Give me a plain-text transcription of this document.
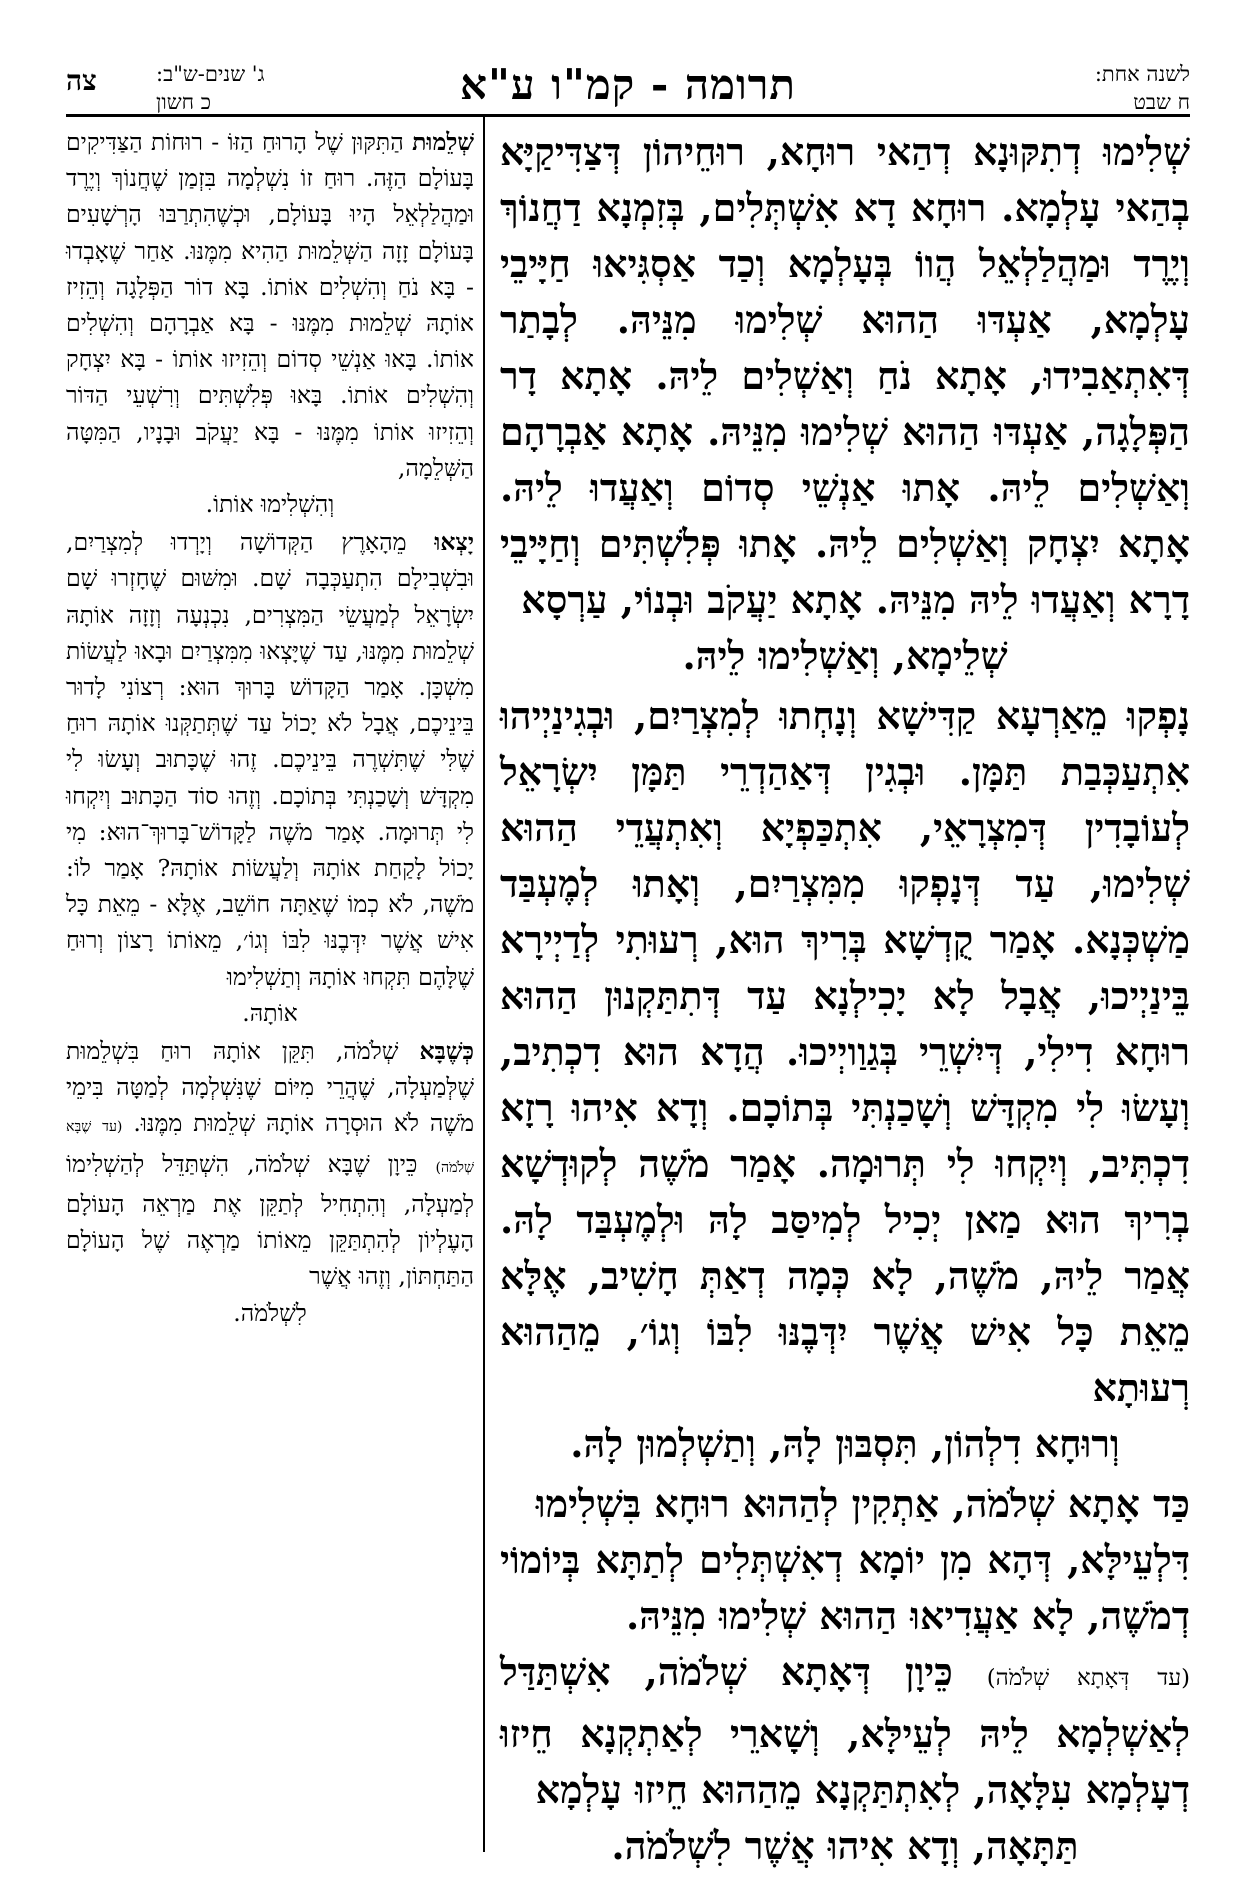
לשנה אחת:
ח שבט
תרומה - קמ"ו ע"א
ג' שנים-ש"ב:
כ חשון
צה

שְׁלִימוּ דְתִקּוּנָא דְהַאי רוּחָא, רוּחֵיהוֹן דְּצַדִּיקַיָּא בְהַאי עָלְמָא. רוּחָא דָא אִשְׁתְּלִים, בְּזִמְנָא דַחֲנוֹךְ וְיֶרֶד וּמַהֲלַלְאֵל הֲווֹ בְּעָלְמָא וְכַד אַסְגִּיאוּ חַיָּיבֵי עָלְמָא, אַעְדּוּ הַהוּא שְׁלִימוּ מִנֵּיהּ. לְבָתַר דְּאִתְאַבִידוּ, אָתָא נֹחַ וְאַשְׁלִים לֵיהּ. אָתָא דָר הַפְּלָגָה, אַעְדּוּ הַהוּא שְׁלִימוּ מִנֵּיהּ. אָתָא אַבְרָהָם וְאַשְׁלִים לֵיהּ. אָתוּ אַנְשֵׁי סְדוֹם וְאַעֲדוּ לֵיהּ. אָתָא יִצְחָק וְאַשְׁלִים לֵיהּ. אָתוּ פְּלִשְׁתִּים וְחַיָּיבֵי דָרָא וְאַעֲדוּ לֵיהּ מִנֵּיהּ. אָתָא יַעֲקֹב וּבְנוֹי, עַרְסָא
שְׁלֵימָא, וְאַשְׁלִימוּ לֵיהּ.

נָפְקוּ מֵאַרְעָא קַדִּישָׁא וְנָחְתוּ לְמִצְרַיִם, וּבְגִינַיְיהוּ אִתְעַכְּבַת תַּמָּן. וּבְגִין דְּאַהַדְרֵי תַּמָּן יִשְׂרָאֵל לְעוֹבָדִין דְּמִצְרָאֵי, אִתְכַּפְיָא וְאִתְעֲדֵי הַהוּא שְׁלִימוּ, עַד דְּנָפְקוּ מִמִּצְרַיִם, וְאָתוּ לְמֶעְבַּד מַשְׁכְּנָא. אָמַר קֻדְשָׁא בְּרִיךְ הוּא, רְעוּתִי לְדַיְירָא בֵּינַיְיכוּ, אֲבָל לָא יָכִילְנָא עַד דְּתִתַּקְנוּן הַהוּא רוּחָא דִילִי, דְּיִשְׁרֵי בְּגַוַויְיכוּ. הֲדָא הוּא דִכְתִיב, וְעָשׂוּ לִי מִקְדָּשׁ וְשָׁכַנְתִּי בְּתוֹכָם. וְדָא אִיהוּ רָזָא דִכְתִּיב, וְיִקְחוּ לִי תְּרוּמָה. אָמַר מֹשֶׁה לְקוּדְשָׁא בְרִיךְ הוּא מַאן יְכִיל לְמִיסַּב לָהּ וּלְמֶעְבַּד לָהּ. אֲמַר לֵיהּ, מֹשֶׁה, לָא כְּמָה דְאַתְּ חָשִׁיב, אֶלָּא מֵאֵת כָּל אִישׁ אֲשֶׁר יִדְּבֶנּוּ לִבּוֹ וְגוֹ׳, מֵהַהוּא רְעוּתָא
וְרוּחָא דִלְהוֹן, תִּסְבּוּן לָהּ, וְתַשְׁלְמוּן לָהּ.

כַּד אָתָא שְׁלֹמֹה, אַתְקִין לְהַהוּא רוּחָא בִּשְׁלִימוּ
דִּלְעֵילָּא, דְּהָא מִן יוֹמָא דְאִשְׁתְּלִים לְתַתָּא בְּיוֹמוֹי דְמֹשֶׁה, לָא אַעֲדִיאוּ הַהוּא שְׁלִימוּ מִנֵּיהּ.
(עד דְּאָתָא שְׁלֹמֹה) כֵּיוָן דְּאָתָא שְׁלֹמֹה, אִשְׁתַּדַּל לְאַשְׁלְמָא לֵיהּ לְעֵילָּא, וְשָׁארֵי לְאַתְקְנָא חֵיזוּ דְעָלְמָא עִלָּאָה, לְאִתְתַּקְנָא מֵהַהוּא חֵיזוּ עָלְמָא
תַּתָּאָה, וְדָא אִיהוּ אֲשֶׁר לִשְׁלֹמֹה.

שְׁלֵמוּת הַתִּקּוּן שֶׁל הָרוּחַ הַזּוֹ - רוּחוֹת הַצַּדִּיקִים בָּעוֹלָם הַזֶּה. רוּחַ זוֹ נִשְׁלְמָה בִּזְמַן שֶׁחֲנוֹךְ וְיֶרֶד וּמַהֲלַלְאֵל הָיוּ בָּעוֹלָם, וּכְשֶׁהִתְרַבּוּ הָרְשָׁעִים בָּעוֹלָם זָזָה הַשְּׁלֵמוּת הַהִיא מִמֶּנּוּ. אַחַר שֶׁאָבְדוּ - בָּא נֹחַ וְהִשְׁלִים אוֹתוֹ. בָּא דוֹר הַפְּלָגָה וְהֵזִיז אוֹתָהּ שְׁלֵמוּת מִמֶּנּוּ - בָּא אַבְרָהָם וְהִשְׁלִים אוֹתוֹ. בָּאוּ אַנְשֵׁי סְדוֹם וְהֵזִיזוּ אוֹתוֹ - בָּא יִצְחָק וְהִשְׁלִים אוֹתוֹ. בָּאוּ פְּלִשְׁתִּים וְרִשְׁעֵי הַדּוֹר וְהֵזִיזוּ אוֹתוֹ מִמֶּנּוּ - בָּא יַעֲקֹב וּבָנָיו, הַמִּטָּה הַשְּׁלֵמָה,
וְהִשְׁלִימוּ אוֹתוֹ.

יָצְאוּ מֵהָאָרֶץ הַקְּדוֹשָׁה וְיָרְדוּ לְמִצְרַיִם, וּבִשְׁבִילָם הִתְעַכְּבָה שָׁם. וּמִשּׁוּם שֶׁחָזְרוּ שָׁם יִשְׂרָאֵל לְמַעֲשֵׂי הַמִּצְרִים, נִכְנְעָה וְזָזָה אוֹתָהּ שְׁלֵמוּת מִמֶּנּוּ, עַד שֶׁיָּצְאוּ מִמִּצְרַיִם וּבָאוּ לַעֲשׂוֹת מִשְׁכָּן. אָמַר הַקָּדוֹשׁ בָּרוּךְ הוּא: רְצוֹנִי לָדוּר בֵּינֵיכֶם, אֲבָל לֹא יָכוֹל עַד שֶׁתְּתַקְּנוּ אוֹתָהּ רוּחַ שֶׁלִּי שֶׁתִּשְׁרֶה בֵּינֵיכֶם. זֶהוּ שֶׁכָּתוּב וְעָשׂוּ לִי מִקְדָּשׁ וְשָׁכַנְתִּי בְּתוֹכָם. וְזֶהוּ סוֹד הַכָּתוּב וְיִקְחוּ לִי תְּרוּמָה. אָמַר מֹשֶׁה לַקָּדוֹשׁ־בָּרוּךְ־הוּא: מִי יָכוֹל לָקַחַת אוֹתָהּ וְלַעֲשׂוֹת אוֹתָהּ? אָמַר לוֹ: מֹשֶׁה, לֹא כְמוֹ שֶׁאַתָּה חוֹשֵׁב, אֶלָּא - מֵאֵת כָּל אִישׁ אֲשֶׁר יִדְּבֶנּוּ לִבּוֹ וְגוֹ׳, מֵאוֹתוֹ רָצוֹן וְרוּחַ שֶׁלָּהֶם תִּקְחוּ אוֹתָהּ וְתַשְׁלִימוּ
אוֹתָהּ.

כְּשֶׁבָּא שְׁלֹמֹה, תִּקֵּן אוֹתָהּ רוּחַ בִּשְׁלֵמוּת שֶׁלְּמַעְלָה, שֶׁהֲרֵי מִיּוֹם שֶׁנִּשְׁלְמָה לְמַטָּה בִּימֵי מֹשֶׁה לֹא הוּסְרָה אוֹתָהּ שְׁלֵמוּת מִמֶּנּוּ. (עד שֶׁבָּא שְׁלֹמֹה) כֵּיוָן שֶׁבָּא שְׁלֹמֹה, הִשְׁתַּדֵּל לְהַשְׁלִימוֹ לְמַעְלָה, וְהִתְחִיל לְתַקֵּן אֶת מַרְאֵה הָעוֹלָם הָעֶלְיוֹן לְהִתְתַּקֵּן מֵאוֹתוֹ מַרְאֶה שֶׁל הָעוֹלָם הַתַּחְתּוֹן, וְזֶהוּ אֲשֶׁר
לִשְׁלֹמֹה.
